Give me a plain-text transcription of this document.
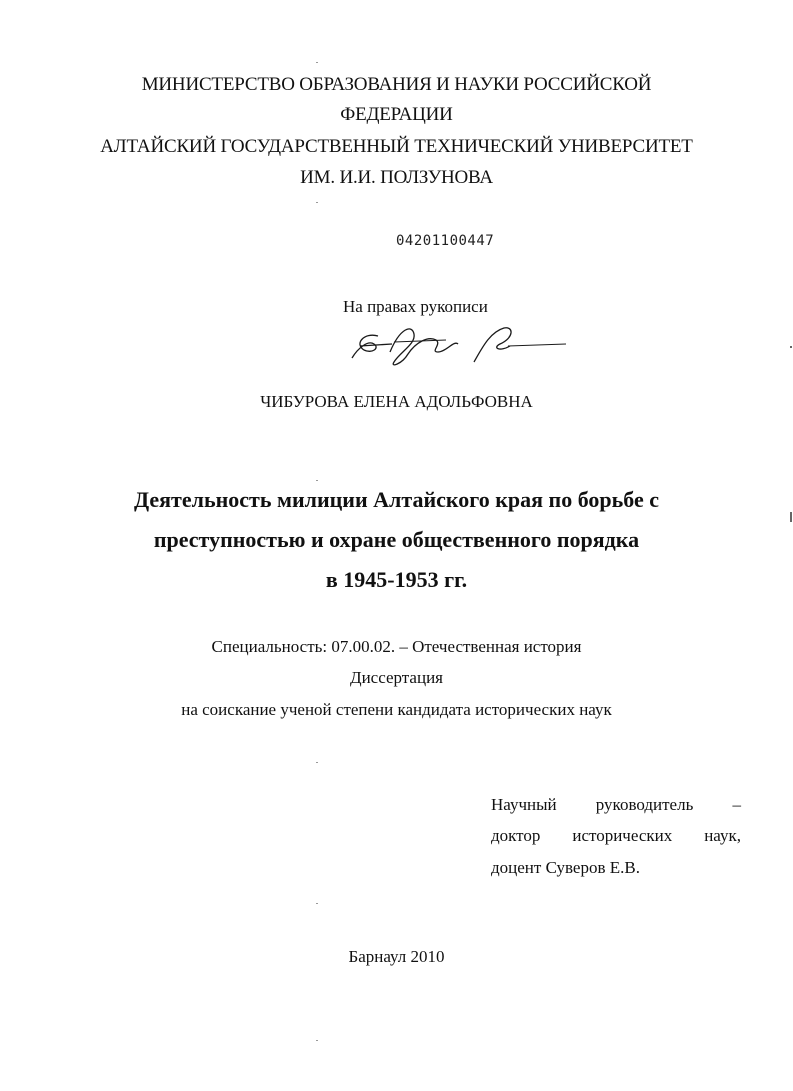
МИНИСТЕРСТВО ОБРАЗОВАНИЯ И НАУКИ РОССИЙСКОЙ
ФЕДЕРАЦИИ
АЛТАЙСКИЙ ГОСУДАРСТВЕННЫЙ ТЕХНИЧЕСКИЙ УНИВЕРСИТЕТ
ИМ. И.И. ПОЛЗУНОВА
04201100447
На правах рукописи
ЧИБУРОВА ЕЛЕНА АДОЛЬФОВНА
Деятельность милиции Алтайского края по борьбе с
преступностью и охране общественного порядка
в 1945-1953 гг.
Специальность: 07.00.02. – Отечественная история
Диссертация
на соискание ученой степени кандидата исторических наук
Научный руководитель –
доктор исторических наук,
доцент Суверов Е.В.
Барнаул 2010
